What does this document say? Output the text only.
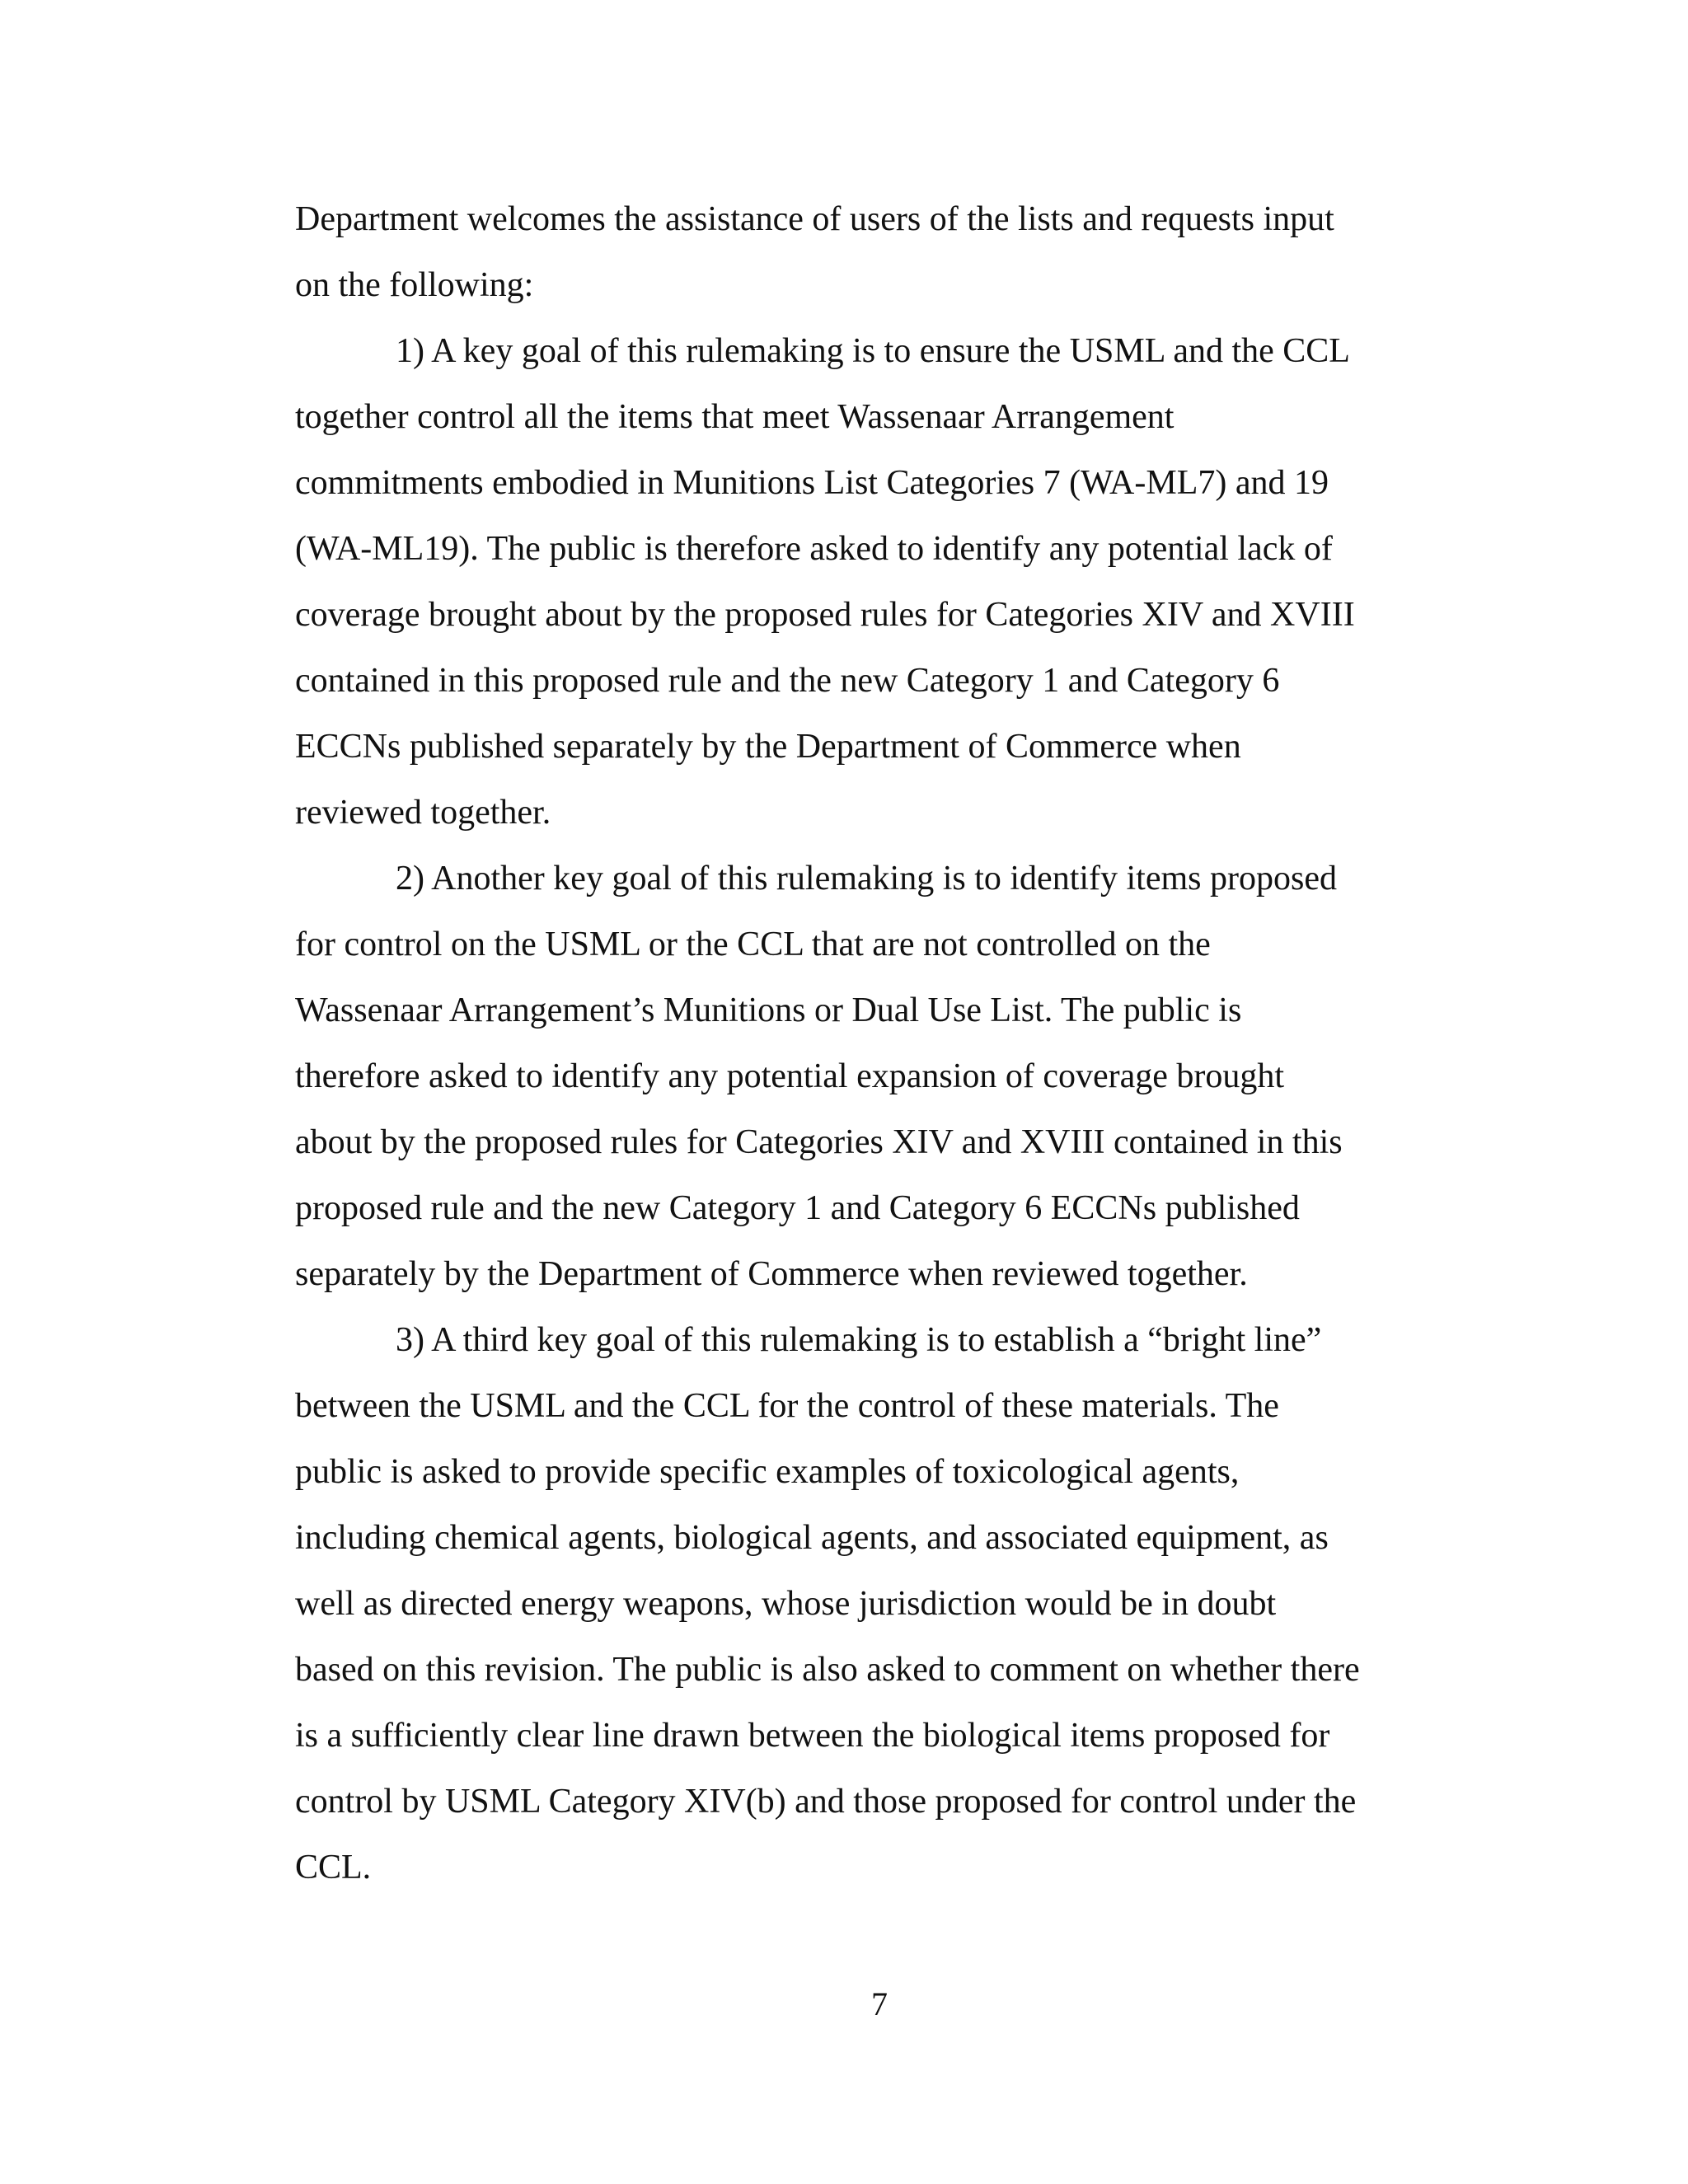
Department welcomes the assistance of users of the lists and requests input
on the following:
1) A key goal of this rulemaking is to ensure the USML and the CCL
together control all the items that meet Wassenaar Arrangement
commitments embodied in Munitions List Categories 7 (WA-ML7) and 19
(WA-ML19). The public is therefore asked to identify any potential lack of
coverage brought about by the proposed rules for Categories XIV and XVIII
contained in this proposed rule and the new Category 1 and Category 6
ECCNs published separately by the Department of Commerce when
reviewed together.
2) Another key goal of this rulemaking is to identify items proposed
for control on the USML or the CCL that are not controlled on the
Wassenaar Arrangement’s Munitions or Dual Use List. The public is
therefore asked to identify any potential expansion of coverage brought
about by the proposed rules for Categories XIV and XVIII contained in this
proposed rule and the new Category 1 and Category 6 ECCNs published
separately by the Department of Commerce when reviewed together.
3) A third key goal of this rulemaking is to establish a “bright line”
between the USML and the CCL for the control of these materials. The
public is asked to provide specific examples of toxicological agents,
including chemical agents, biological agents, and associated equipment, as
well as directed energy weapons, whose jurisdiction would be in doubt
based on this revision. The public is also asked to comment on whether there
is a sufficiently clear line drawn between the biological items proposed for
control by USML Category XIV(b) and those proposed for control under the
CCL.
7
